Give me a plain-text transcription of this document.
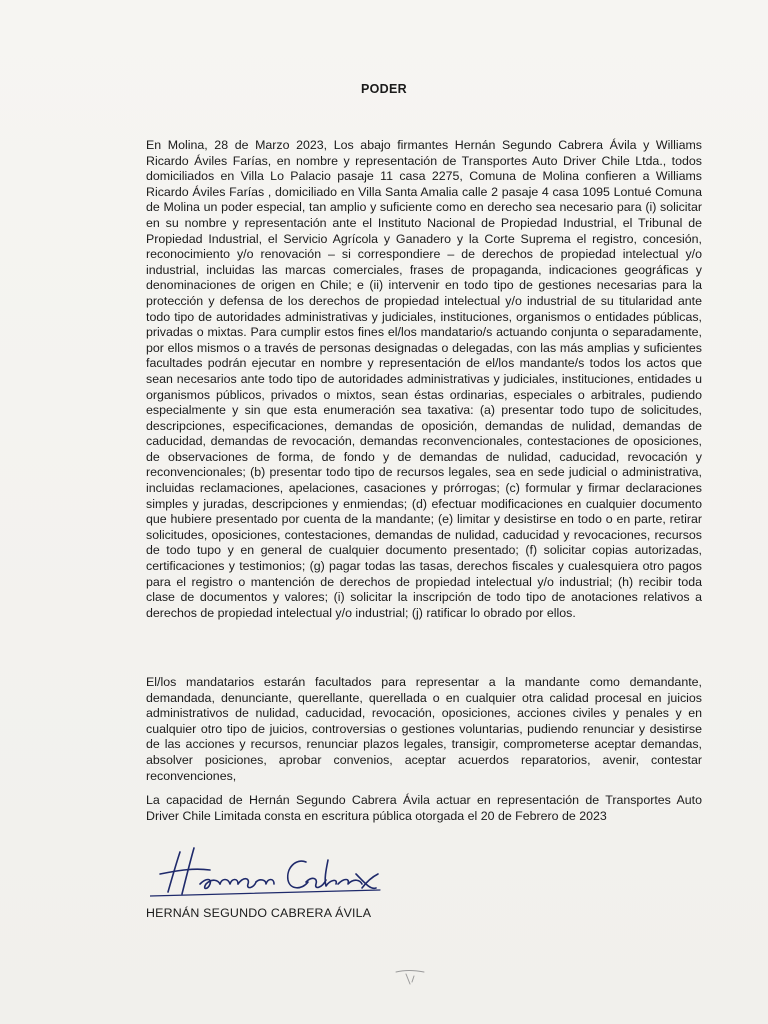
PODER

En Molina, 28 de Marzo 2023, Los abajo firmantes Hernán Segundo Cabrera Ávila y Williams Ricardo Áviles Farías, en nombre y representación de Transportes Auto Driver Chile Ltda., todos domiciliados en Villa Lo Palacio pasaje 11 casa 2275, Comuna de Molina confieren a Williams Ricardo Áviles Farías , domiciliado en Villa Santa Amalia calle 2 pasaje 4 casa 1095 Lontué Comuna de Molina un poder especial, tan amplio y suficiente como en derecho sea necesario para (i) solicitar en su nombre y representación ante el Instituto Nacional de Propiedad Industrial, el Tribunal de Propiedad Industrial, el Servicio Agrícola y Ganadero y la Corte Suprema el registro, concesión, reconocimiento y/o renovación – si correspondiere – de derechos de propiedad intelectual y/o industrial, incluidas las marcas comerciales, frases de propaganda, indicaciones geográficas y denominaciones de origen en Chile; e (ii) intervenir en todo tipo de gestiones necesarias para la protección y defensa de los derechos de propiedad intelectual y/o industrial de su titularidad ante todo tipo de autoridades administrativas y judiciales, instituciones, organismos o entidades públicas, privadas o mixtas. Para cumplir estos fines el/los mandatario/s actuando conjunta o separadamente, por ellos mismos o a través de personas designadas o delegadas, con las más amplias y suficientes facultades podrán ejecutar en nombre y representación de el/los mandante/s todos los actos que sean necesarios ante todo tipo de autoridades administrativas y judiciales, instituciones, entidades u organismos públicos, privados o mixtos, sean éstas ordinarias, especiales o arbitrales, pudiendo especialmente y sin que esta enumeración sea taxativa: (a) presentar todo tupo de solicitudes, descripciones, especificaciones, demandas de oposición, demandas de nulidad, demandas de caducidad, demandas de revocación, demandas reconvencionales, contestaciones de oposiciones, de observaciones de forma, de fondo y de demandas de nulidad, caducidad, revocación y reconvencionales; (b) presentar todo tipo de recursos legales, sea en sede judicial o administrativa, incluidas reclamaciones, apelaciones, casaciones y prórrogas; (c) formular y firmar declaraciones simples y juradas, descripciones y enmiendas; (d) efectuar modificaciones en cualquier documento que hubiere presentado por cuenta de la mandante; (e) limitar y desistirse en todo o en parte, retirar solicitudes, oposiciones, contestaciones, demandas de nulidad, caducidad y revocaciones, recursos de todo tupo y en general de cualquier documento presentado; (f) solicitar copias autorizadas, certificaciones y testimonios; (g) pagar todas las tasas, derechos fiscales y cualesquiera otro pagos para el registro o mantención de derechos de propiedad intelectual y/o industrial; (h) recibir toda clase de documentos y valores; (i) solicitar la inscripción de todo tipo de anotaciones relativos a derechos de propiedad intelectual y/o industrial; (j) ratificar lo obrado por ellos.

El/los mandatarios estarán facultados para representar a la mandante como demandante, demandada, denunciante, querellante, querellada o en cualquier otra calidad procesal en juicios administrativos de nulidad, caducidad, revocación, oposiciones, acciones civiles y penales y en cualquier otro tipo de juicios, controversias o gestiones voluntarias, pudiendo renunciar y desistirse de las acciones y recursos, renunciar plazos legales, transigir, comprometerse aceptar demandas, absolver posiciones, aprobar convenios, aceptar acuerdos reparatorios, avenir, contestar reconvenciones,

La capacidad de Hernán Segundo Cabrera Ávila actuar en representación de Transportes Auto Driver Chile Limitada consta en escritura pública otorgada el 20 de Febrero de 2023

HERNÁN SEGUNDO CABRERA ÁVILA
